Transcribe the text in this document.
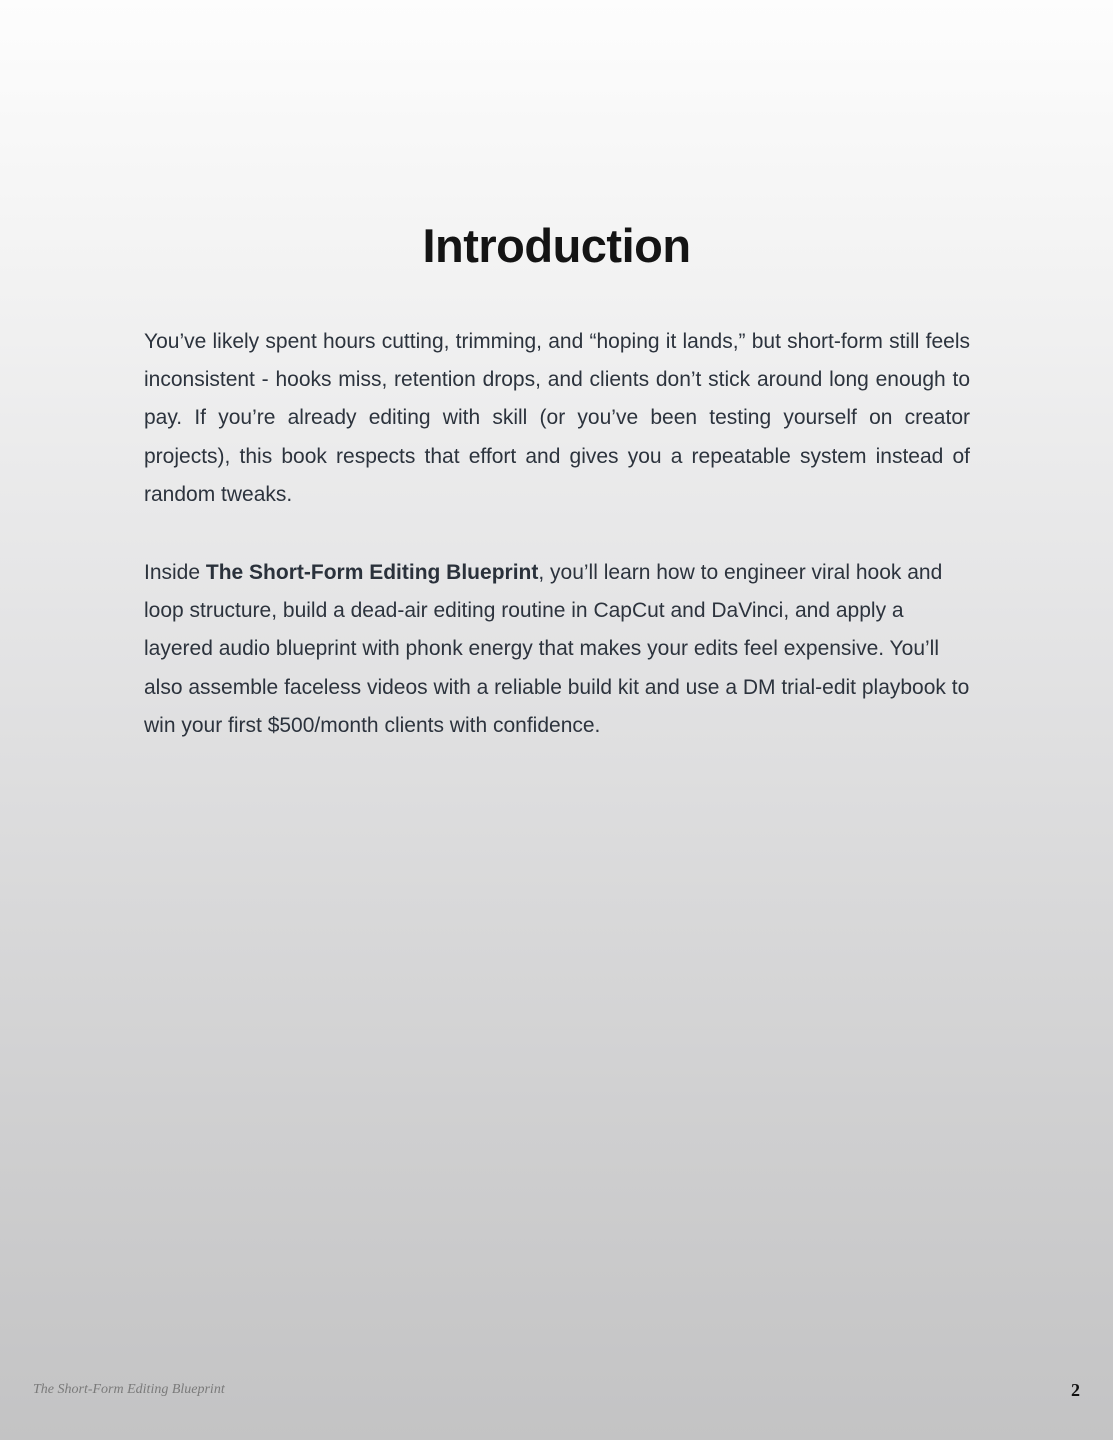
Introduction

You’ve likely spent hours cutting, trimming, and “hoping it lands,” but short-form still feels inconsistent - hooks miss, retention drops, and clients don’t stick around long enough to pay. If you’re already editing with skill (or you’ve been testing yourself on creator projects), this book respects that effort and gives you a repeatable system instead of random tweaks.

Inside The Short-Form Editing Blueprint, you’ll learn how to engineer viral hook and loop structure, build a dead-air editing routine in CapCut and DaVinci, and apply a layered audio blueprint with phonk energy that makes your edits feel expensive. You’ll also assemble faceless videos with a reliable build kit and use a DM trial-edit playbook to win your first $500/month clients with confidence.

The Short-Form Editing Blueprint	2
